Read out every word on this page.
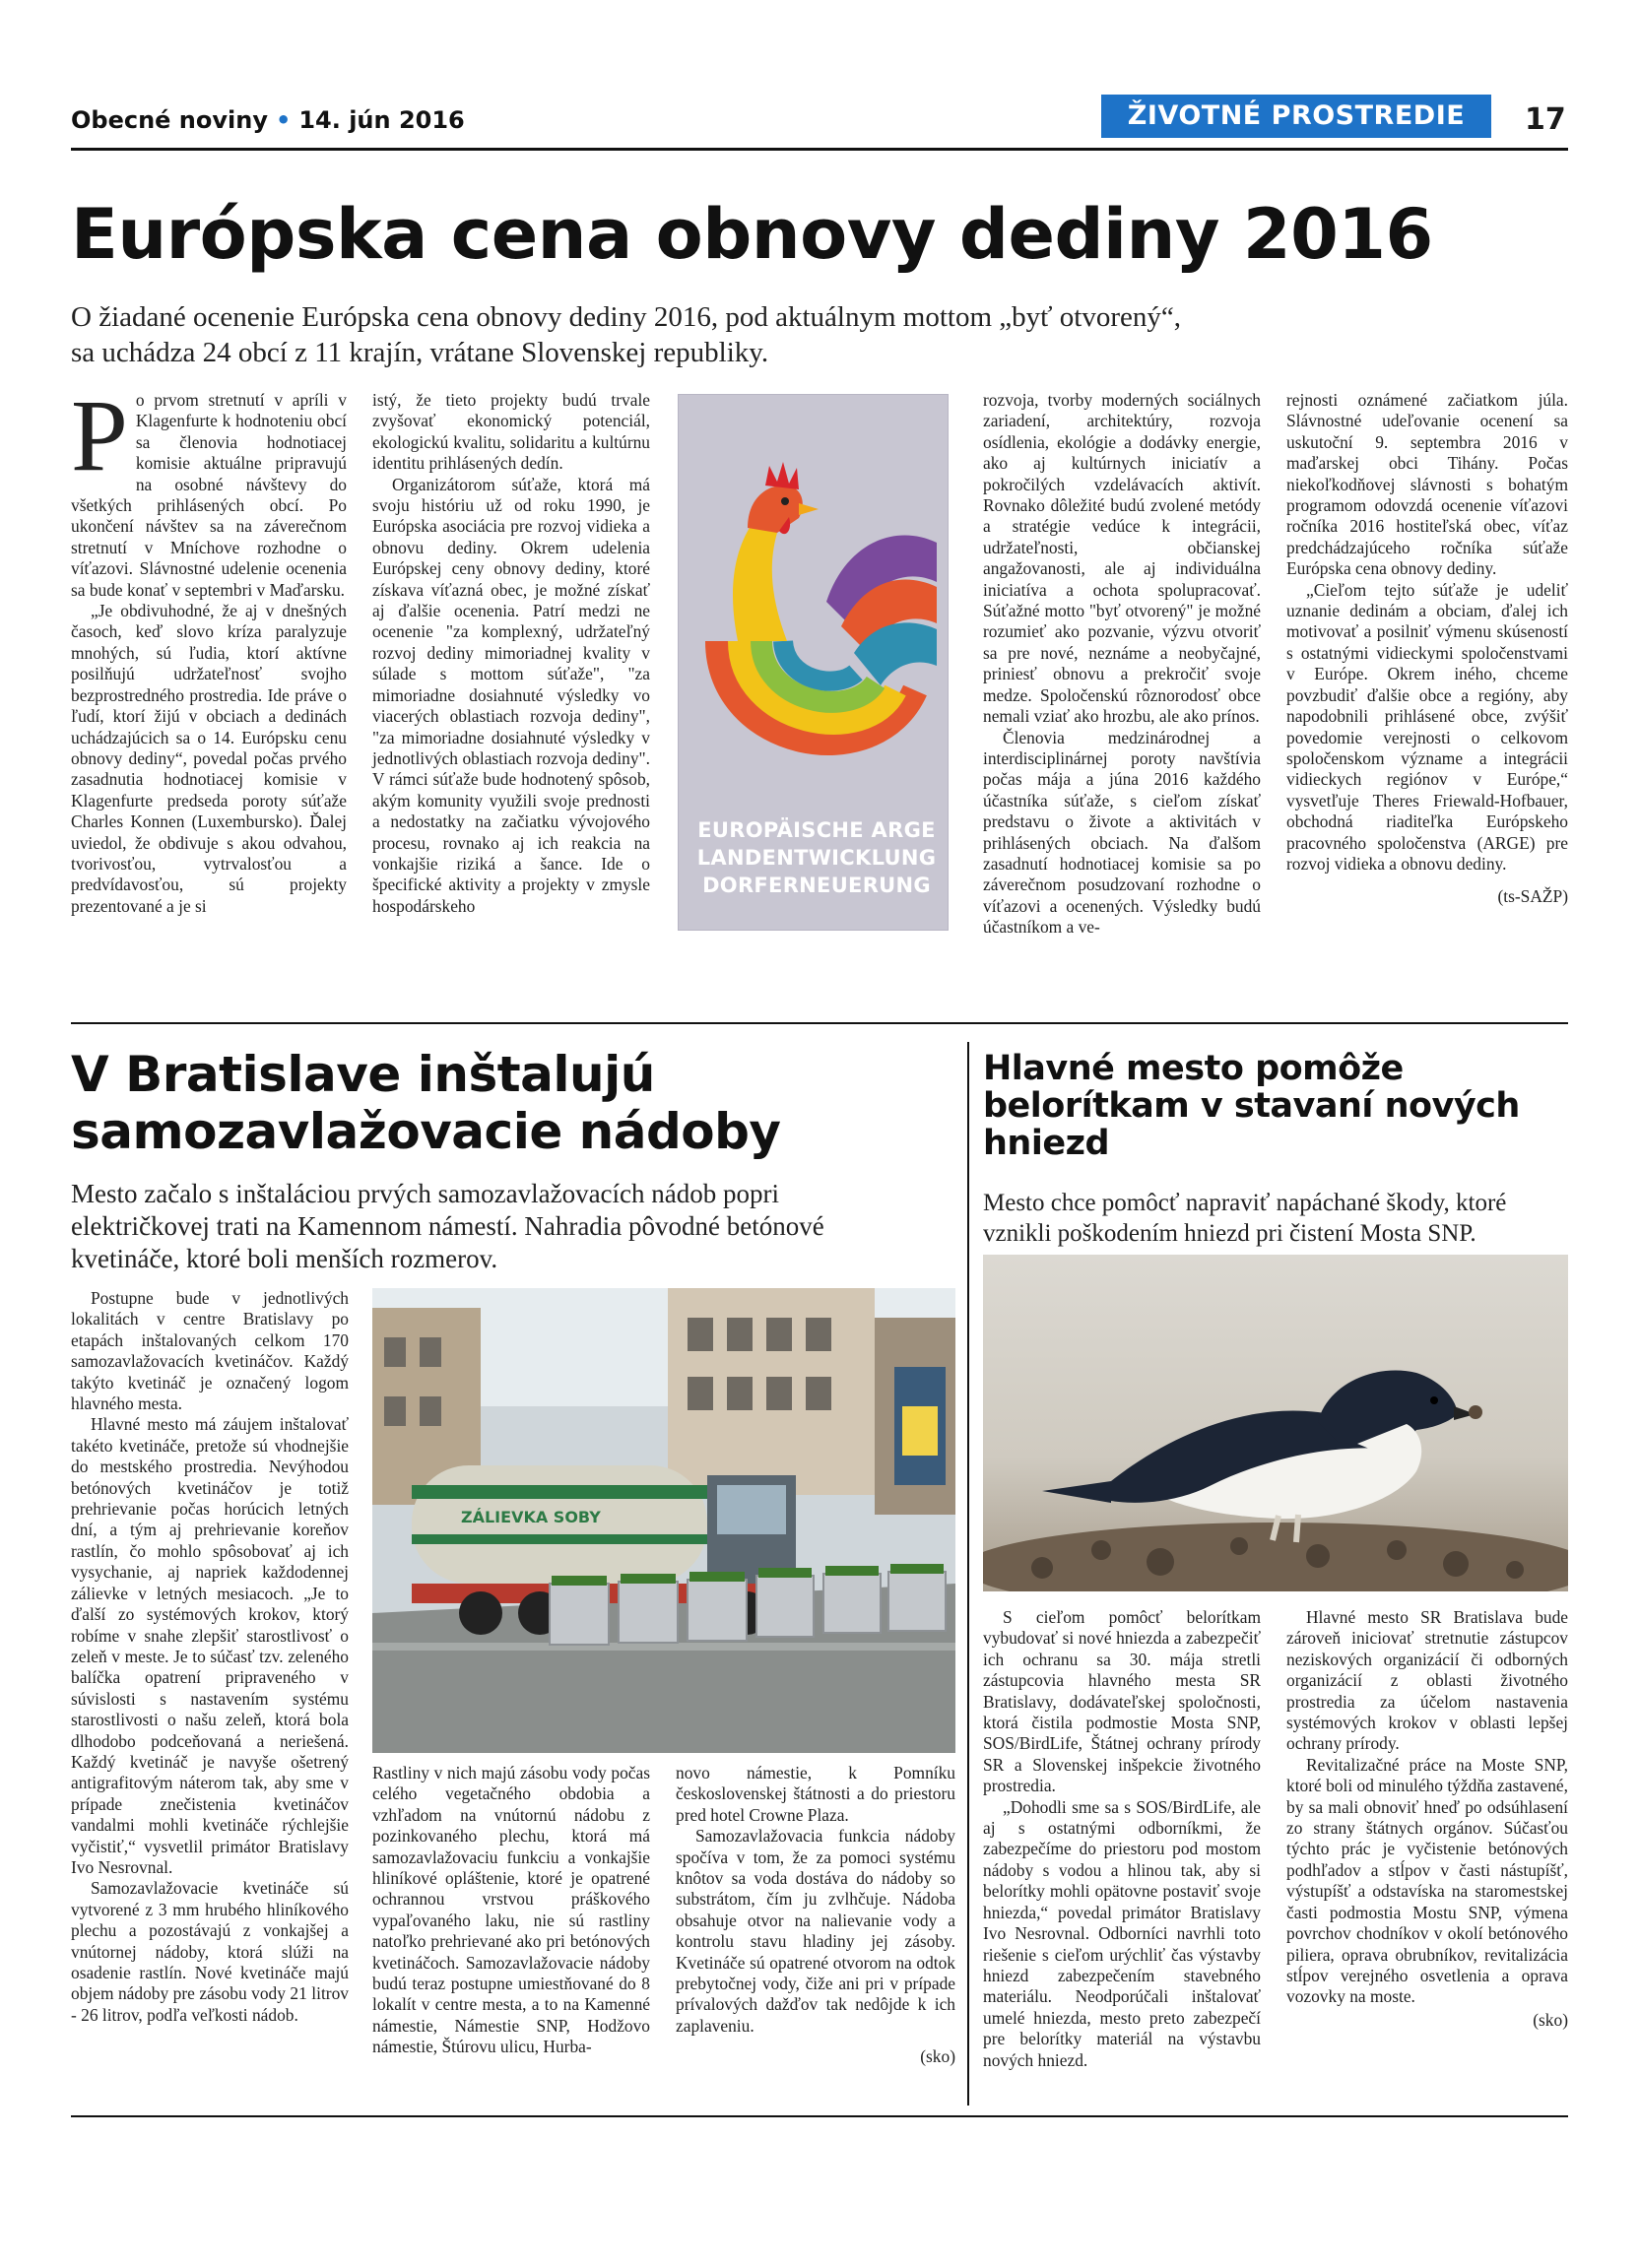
Obecné noviny • 14. jún 2016	ŽIVOTNÉ PROSTREDIE	17
Európska cena obnovy dediny 2016
O žiadané ocenenie Európska cena obnovy dediny 2016, pod aktuálnym mottom „byť otvorený“,
sa uchádza 24 obcí z 11 krajín, vrátane Slovenskej republiky.

Po prvom stretnutí v apríli v Klagenfurte k hodnoteniu obcí sa členovia hodnotiacej komisie aktuálne pripravujú na osobné návštevy do všetkých prihlásených obcí. Po ukončení návštev sa na záverečnom stretnutí v Mníchove rozhodne o víťazovi. Slávnostné udelenie ocenenia sa bude konať v septembri v Maďarsku.

„Je obdivuhodné, že aj v dnešných časoch, keď slovo kríza paralyzuje mnohých, sú ľudia, ktorí aktívne posilňujú udržateľnosť svojho bezprostredného prostredia. Ide práve o ľudí, ktorí žijú v obciach a dedinách uchádzajúcich sa o 14. Európsku cenu obnovy dediny“, povedal počas prvého zasadnutia hodnotiacej komisie v Klagenfurte predseda poroty súťaže Charles Konnen (Luxembursko). Ďalej uviedol, že obdivuje s akou odvahou, tvorivosťou, vytrvalosťou a predvídavosťou, sú projekty prezentované a je si

istý, že tieto projekty budú trvale zvyšovať ekonomický potenciál, ekologickú kvalitu, solidaritu a kultúrnu identitu prihlásených dedín.

Organizátorom súťaže, ktorá má svoju históriu už od roku 1990, je Európska asociácia pre rozvoj vidieka a obnovu dediny. Okrem udelenia Európskej ceny obnovy dediny, ktoré získava víťazná obec, je možné získať aj ďalšie ocenenia. Patrí medzi ne ocenenie "za komplexný, udržateľný rozvoj dediny mimoriadnej kvality v súlade s mottom súťaže", "za mimoriadne dosiahnuté výsledky vo viacerých oblastiach rozvoja dediny", "za mimoriadne dosiahnuté výsledky v jednotlivých oblastiach rozvoja dediny". V rámci súťaže bude hodnotený spôsob, akým komunity využili svoje prednosti a nedostatky na začiatku vývojového procesu, rovnako aj ich reakcia na vonkajšie riziká a šance. Ide o špecifické aktivity a projekty v zmysle hospodárskeho

EUROPÄISCHE ARGE
LANDENTWICKLUNG
DORFERNEUERUNG

rozvoja, tvorby moderných sociálnych zariadení, architektúry, rozvoja osídlenia, ekológie a dodávky energie, ako aj kultúrnych iniciatív a pokročilých vzdelávacích aktivít. Rovnako dôležité budú zvolené metódy a stratégie vedúce k integrácii, udržateľnosti, občianskej angažovanosti, ale aj individuálna iniciatíva a ochota spolupracovať. Súťažné motto "byť otvorený" je možné rozumieť ako pozvanie, výzvu otvoriť sa pre nové, neznáme a neobyčajné, priniesť obnovu a prekročiť svoje medze. Spoločenskú rôznorodosť obce nemali vziať ako hrozbu, ale ako prínos.

Členovia medzinárodnej a interdisciplinárnej poroty navštívia počas mája a júna 2016 každého účastníka súťaže, s cieľom získať predstavu o živote a aktivitách v prihlásených obciach. Na ďalšom zasadnutí hodnotiacej komisie sa po záverečnom posudzovaní rozhodne o víťazovi a ocenených. Výsledky budú účastníkom a ve-

rejnosti oznámené začiatkom júla. Slávnostné udeľovanie ocenení sa uskutoční 9. septembra 2016 v maďarskej obci Tihány. Počas niekoľkodňovej slávnosti s bohatým programom odovzdá ocenenie víťazovi ročníka 2016 hostiteľská obec, víťaz predchádzajúceho ročníka súťaže Európska cena obnovy dediny.

„Cieľom tejto súťaže je udeliť uznanie dedinám a obciam, ďalej ich motivovať a posilniť výmenu skúseností s ostatnými vidieckymi spoločenstvami v Európe. Okrem iného, chceme povzbudiť ďalšie obce a regióny, aby napodobnili prihlásené obce, zvýšiť povedomie verejnosti o celkovom spoločenskom význame a integrácii vidieckych regiónov v Európe,“ vysvetľuje Theres Friewald-Hofbauer, obchodná riaditeľka Európskeho pracovného spoločenstva (ARGE) pre rozvoj vidieka a obnovu dediny.

(ts-SAŽP)

V Bratislave inštalujú
samozavlažovacie nádoby
Mesto začalo s inštaláciou prvých samozavlažovacích nádob popri
električkovej trati na Kamennom námestí. Nahradia pôvodné betónové
kvetináče, ktoré boli menších rozmerov.

Postupne bude v jednotlivých lokalitách v centre Bratislavy po etapách inštalovaných celkom 170 samozavlažovacích kvetináčov. Každý takýto kvetináč je označený logom hlavného mesta.

Hlavné mesto má záujem inštalovať takéto kvetináče, pretože sú vhodnejšie do mestského prostredia. Nevýhodou betónových kvetináčov je totiž prehrievanie počas horúcich letných dní, a tým aj prehrievanie koreňov rastlín, čo mohlo spôsobovať aj ich vysychanie, aj napriek každodennej zálievke v letných mesiacoch. „Je to ďalší zo systémových krokov, ktorý robíme v snahe zlepšiť starostlivosť o zeleň v meste. Je to súčasť tzv. zeleného balíčka opatrení pripraveného v súvislosti s nastavením systému starostlivosti o našu zeleň, ktorá bola dlhodobo podceňovaná a neriešená. Každý kvetináč je navyše ošetrený antigrafitovým náterom tak, aby sme v prípade znečistenia kvetináčov vandalmi mohli kvetináče rýchlejšie vyčistiť,“ vysvetlil primátor Bratislavy Ivo Nesrovnal.

Samozavlažovacie kvetináče sú vytvorené z 3 mm hrubého hliníkového plechu a pozostávajú z vonkajšej a vnútornej nádoby, ktorá slúži na osadenie rastlín. Nové kvetináče majú objem nádoby pre zásobu vody 21 litrov - 26 litrov, podľa veľkosti nádob.

ZÁLIEVKA SOBY

Rastliny v nich majú zásobu vody počas celého vegetačného obdobia a vzhľadom na vnútornú nádobu z pozinkovaného plechu, ktorá má samozavlažovaciu funkciu a vonkajšie hliníkové opláštenie, ktoré je opatrené ochrannou vrstvou práškového vypaľovaného laku, nie sú rastliny natoľko prehrievané ako pri betónových kvetináčoch. Samozavlažovacie nádoby budú teraz postupne umiestňované do 8 lokalít v centre mesta, a to na Kamenné námestie, Námestie SNP, Hodžovo námestie, Štúrovu ulicu, Hurba-

novo námestie, k Pomníku československej štátnosti a do priestoru pred hotel Crowne Plaza.

Samozavlažovacia funkcia nádoby spočíva v tom, že za pomoci systému knôtov sa voda dostáva do nádoby so substrátom, čím ju zvlhčuje. Nádoba obsahuje otvor na nalievanie vody a kontrolu stavu hladiny jej zásoby. Kvetináče sú opatrené otvorom na odtok prebytočnej vody, čiže ani pri v prípade prívalových dažďov tak nedôjde k ich zaplaveniu.

(sko)

Hlavné mesto pomôže
belorítkam v stavaní nových
hniezd
Mesto chce pomôcť napraviť napáchané škody, ktoré
vznikli poškodením hniezd pri čistení Mosta SNP.

S cieľom pomôcť belorítkam vybudovať si nové hniezda a zabezpečiť ich ochranu sa 30. mája stretli zástupcovia hlavného mesta SR Bratislavy, dodávateľskej spoločnosti, ktorá čistila podmostie Mosta SNP, SOS/BirdLife, Štátnej ochrany prírody SR a Slovenskej inšpekcie životného prostredia.

„Dohodli sme sa s SOS/BirdLife, ale aj s ostatnými odborníkmi, že zabezpečíme do priestoru pod mostom nádoby s vodou a hlinou tak, aby si belorítky mohli opätovne postaviť svoje hniezda,“ povedal primátor Bratislavy Ivo Nesrovnal. Odborníci navrhli toto riešenie s cieľom urýchliť čas výstavby hniezd zabezpečením stavebného materiálu. Neodporúčali inštalovať umelé hniezda, mesto preto zabezpečí pre belorítky materiál na výstavbu nových hniezd.

Hlavné mesto SR Bratislava bude zároveň iniciovať stretnutie zástupcov neziskových organizácií či odborných organizácií z oblasti životného prostredia za účelom nastavenia systémových krokov v oblasti lepšej ochrany prírody.

Revitalizačné práce na Moste SNP, ktoré boli od minulého týždňa zastavené, by sa mali obnoviť hneď po odsúhlasení zo strany štátnych orgánov. Súčasťou týchto prác je vyčistenie betónových podhľadov a stĺpov v časti nástupíšť, výstupíšť a odstavíska na staromestskej časti podmostia Mostu SNP, výmena povrchov chodníkov v okolí betónového piliera, oprava obrubníkov, revitalizácia stĺpov verejného osvetlenia a oprava vozovky na moste.

(sko)
